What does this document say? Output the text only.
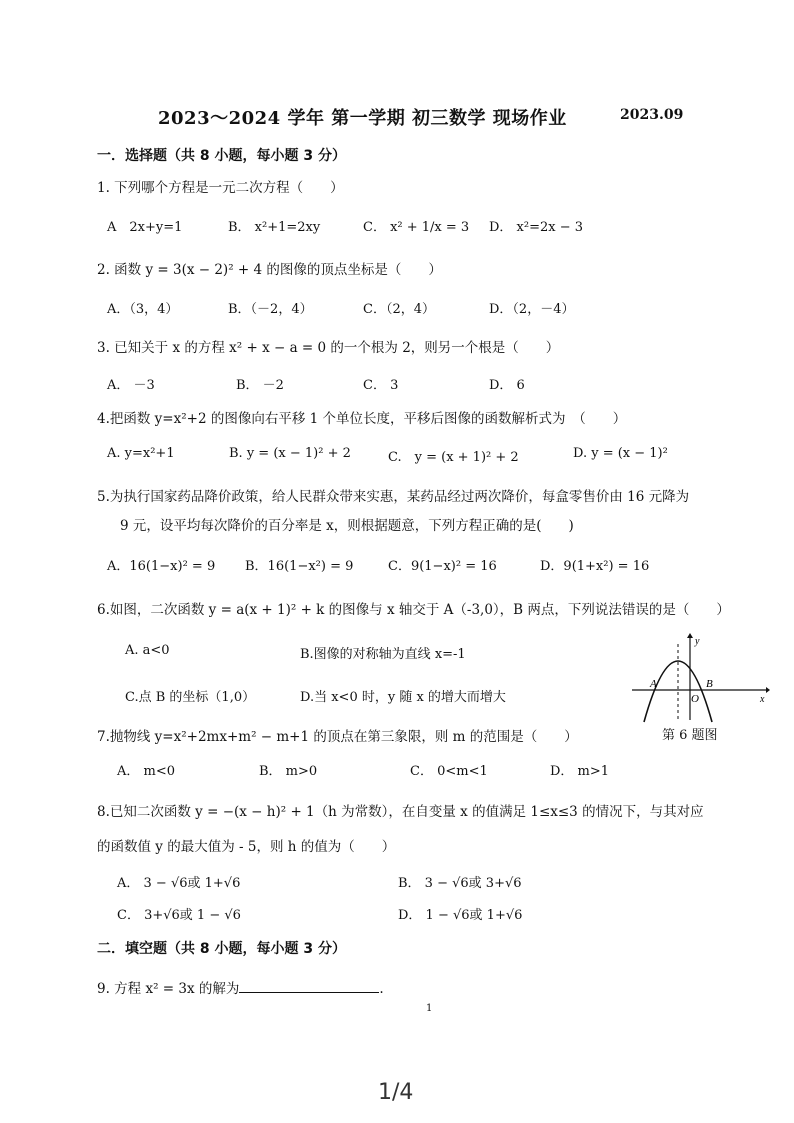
2023～2024 学年 第一学期 初三数学 现场作业	2023.09
一．选择题（共 8 小题，每小题 3 分）
1. 下列哪个方程是一元二次方程（　　）
A　2x+y=1	B． x²+1=2xy	C． x² + 1/x = 3 D． x²=2x − 3
2. 函数 y = 3(x − 2)² + 4 的图像的顶点坐标是（　　）
A．（3，4）	B．（－2，4）	C．（2，4）	D．（2，－4）
3. 已知关于 x 的方程 x² + x − a = 0 的一个根为 2，则另一个根是（　　）
A． －3	B． －2	C． 3	D． 6
4.把函数 y=x²+2 的图像向右平移 1 个单位长度，平移后图像的函数解析式为　（　　）
A. y=x²+1	B. y = (x − 1)² + 2	C.　y = (x + 1)² + 2	D. y = (x − 1)²
5.为执行国家药品降价政策，给人民群众带来实惠，某药品经过两次降价，每盒零售价由 16 元降为
9 元，设平均每次降价的百分率是 x，则根据题意，下列方程正确的是(　　)
A．16(1−x)² = 9 B．16(1−x²) = 9	C．9(1−x)² = 16	D．9(1+x²) = 16
6.如图，二次函数 y = a(x + 1)² + k 的图像与 x 轴交于 A（-3,0），B 两点，下列说法错误的是（　　）
A. a<0	B.图像的对称轴为直线 x=-1
C.点 B 的坐标（1,0）	D.当 x<0 时，y 随 x 的增大而增大
A	B
O	x
y
第 6 题图
7.抛物线 y=x²+2mx+m² − m+1 的顶点在第三象限，则 m 的范围是（　　）
A． m<0	B． m>0	C． 0<m<1	D． m>1
8.已知二次函数 y = −(x − h)² + 1（h 为常数），在自变量 x 的值满足 1≤x≤3 的情况下，与其对应
的函数值 y 的最大值为 - 5，则 h 的值为（　　）
A． 3 − √6或 1+√6	B． 3 − √6或 3+√6
C． 3+√6或 1 − √6	D． 1 − √6或 1+√6
二．填空题（共 8 小题，每小题 3 分）
9. 方程 x² = 3x 的解为	.
1
1/4
